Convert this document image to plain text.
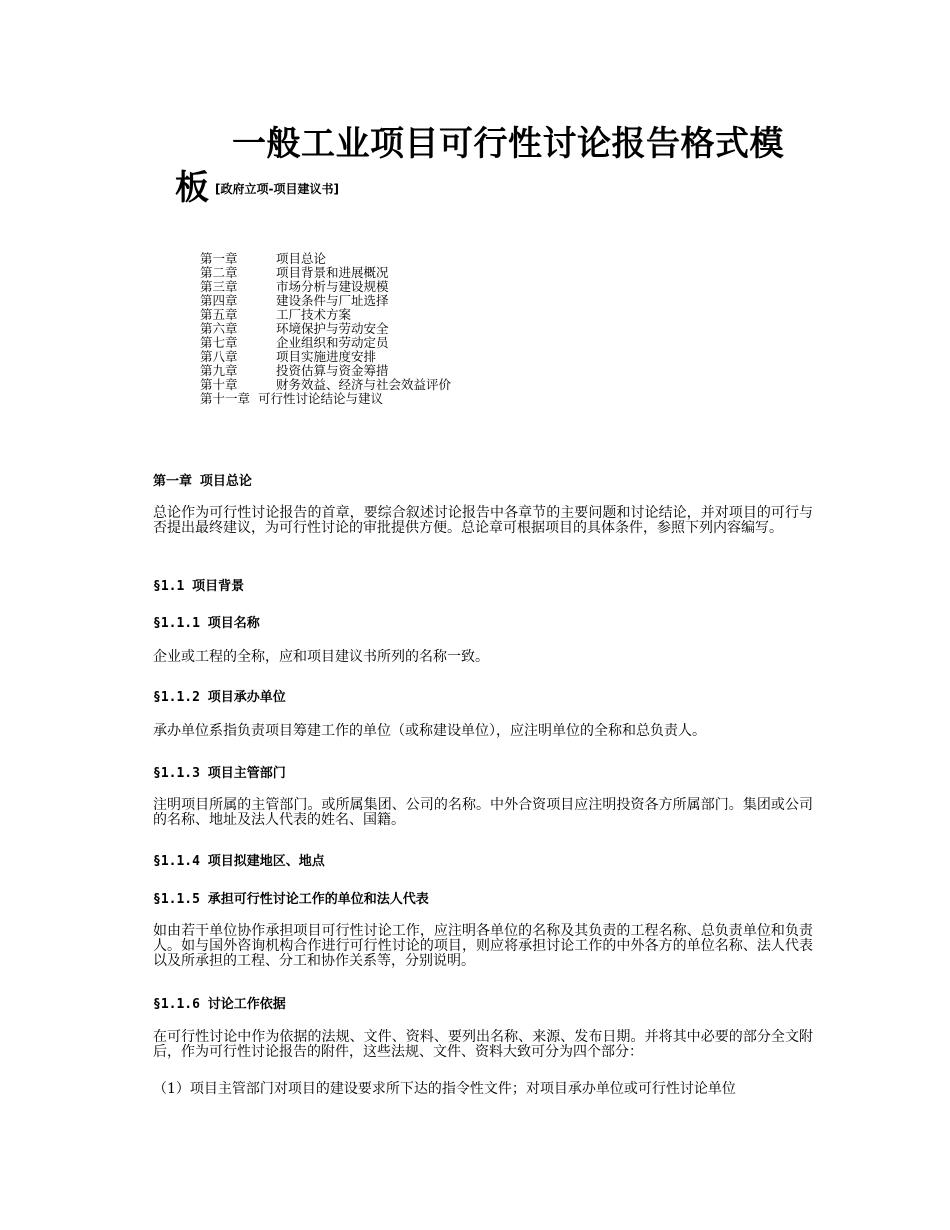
一般工业项目可行性讨论报告格式模
板 [政府立项-项目建议书]
第一章	项目总论
第二章	项目背景和进展概况
第三章	市场分析与建设规模
第四章	建设条件与厂址选择
第五章	工厂技术方案
第六章	环境保护与劳动安全
第七章	企业组织和劳动定员
第八章	项目实施进度安排
第九章	投资估算与资金筹措
第十章	财务效益、经济与社会效益评价
第十一章 可行性讨论结论与建议
第一章 项目总论
总论作为可行性讨论报告的首章，要综合叙述讨论报告中各章节的主要问题和讨论结论，并对项目的可行与否提出最终建议，为可行性讨论的审批提供方便。总论章可根据项目的具体条件，参照下列内容编写。
§1.1 项目背景
§1.1.1 项目名称
企业或工程的全称，应和项目建议书所列的名称一致。
§1.1.2 项目承办单位
承办单位系指负责项目筹建工作的单位（或称建设单位），应注明单位的全称和总负责人。
§1.1.3 项目主管部门
注明项目所属的主管部门。或所属集团、公司的名称。中外合资项目应注明投资各方所属部门。集团或公司的名称、地址及法人代表的姓名、国籍。
§1.1.4 项目拟建地区、地点
§1.1.5 承担可行性讨论工作的单位和法人代表
如由若干单位协作承担项目可行性讨论工作，应注明各单位的名称及其负责的工程名称、总负责单位和负责人。如与国外咨询机构合作进行可行性讨论的项目，则应将承担讨论工作的中外各方的单位名称、法人代表以及所承担的工程、分工和协作关系等，分别说明。
§1.1.6 讨论工作依据
在可行性讨论中作为依据的法规、文件、资料、要列出名称、来源、发布日期。并将其中必要的部分全文附后，作为可行性讨论报告的附件，这些法规、文件、资料大致可分为四个部分：
（1）项目主管部门对项目的建设要求所下达的指令性文件；对项目承办单位或可行性讨论单位
